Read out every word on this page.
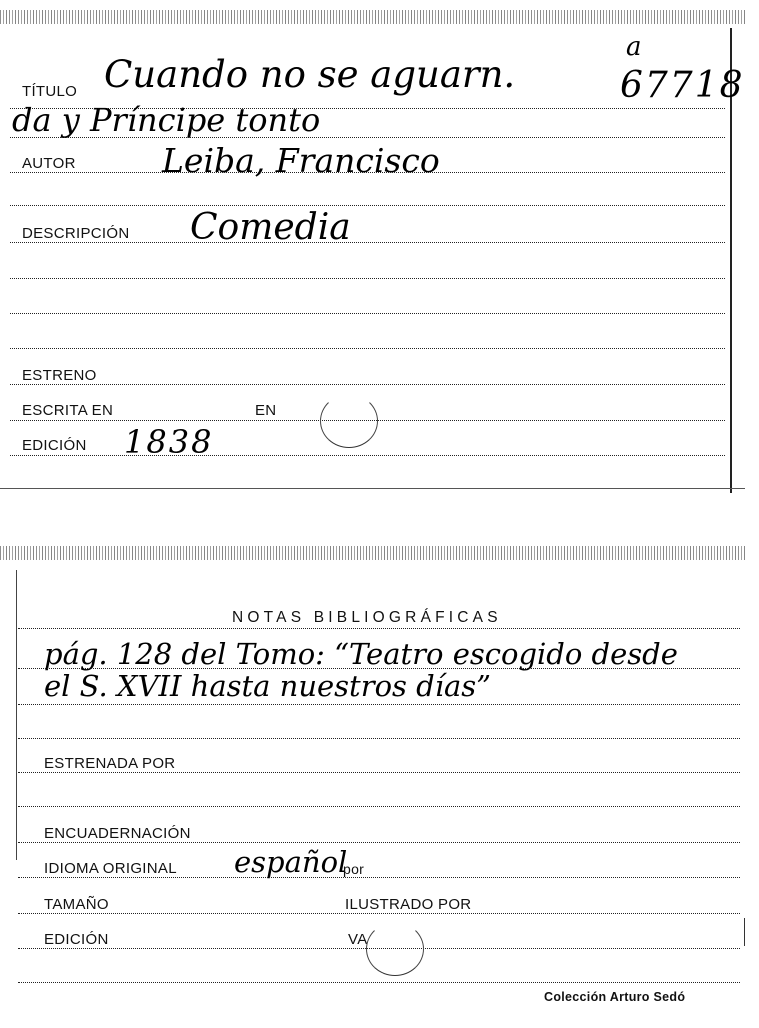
TÍTULO Cuando no se aguarn.
a
67718
da y Príncipe tonto
AUTOR	Leiba, Francisco
DESCRIPCIÓN Comedia
ESTRENO
ESCRITA EN	EN
EDICIÓN 1838
NOTAS BIBLIOGRÁFICAS
pág. 128 del Tomo: “Teatro escogido desde
el S. XVII hasta nuestros días”
ESTRENADA POR
ENCUADERNACIÓN
IDIOMA ORIGINAL español
por
TAMAÑO	ILUSTRADO POR
EDICIÓN	VA
Colección Arturo Sedó
